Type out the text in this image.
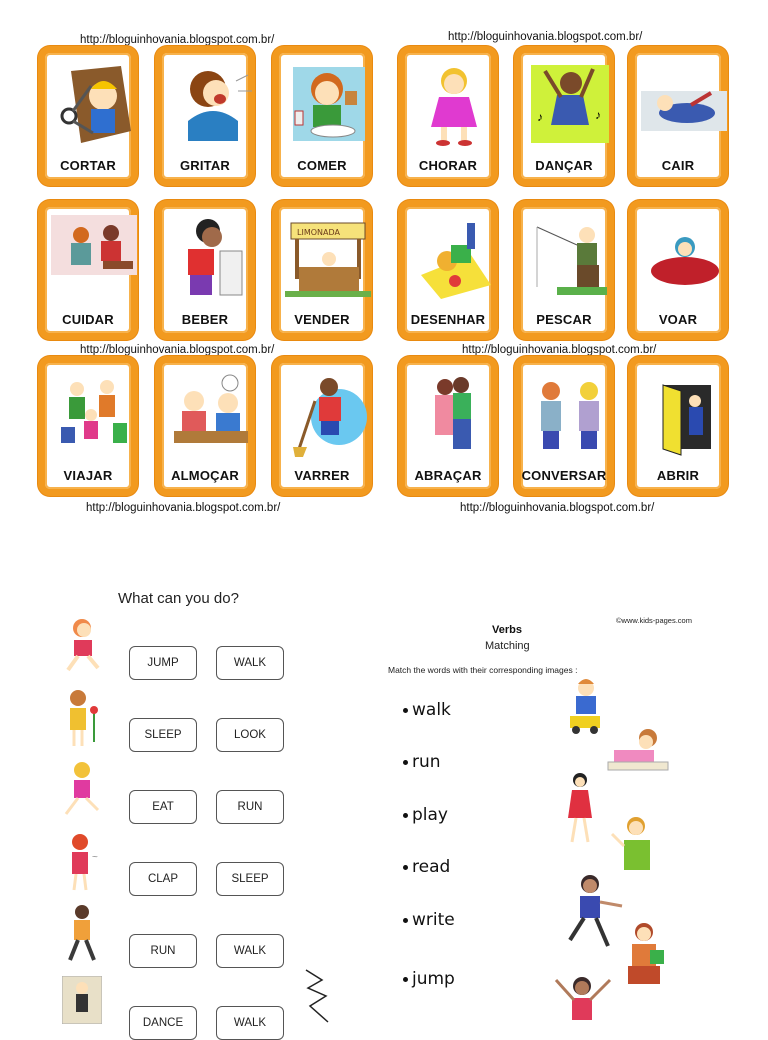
http://bloguinhovania.blogspot.com.br/	http://bloguinhovania.blogspot.com.br/
http://bloguinhovania.blogspot.com.br/	http://bloguinhovania.blogspot.com.br/
http://bloguinhovania.blogspot.com.br/	http://bloguinhovania.blogspot.com.br/
CORTAR	GRITAR	COMER	CHORAR
♪	♪
DANÇAR	CAIR
CUIDAR	BEBER
LIMONADA
VENDER	DESENHAR	PESCAR	VOAR
VIAJAR	ALMOÇAR	VARRER	ABRAÇAR	CONVERSAR	ABRIR
What can you do?
~
JUMP	WALK
SLEEP	LOOK
EAT	RUN
CLAP	SLEEP
RUN	WALK
DANCE	WALK
©www.kids-pages.com
Verbs
Matching
Match the words with their corresponding images :
walk
run
play
read
write
jump
